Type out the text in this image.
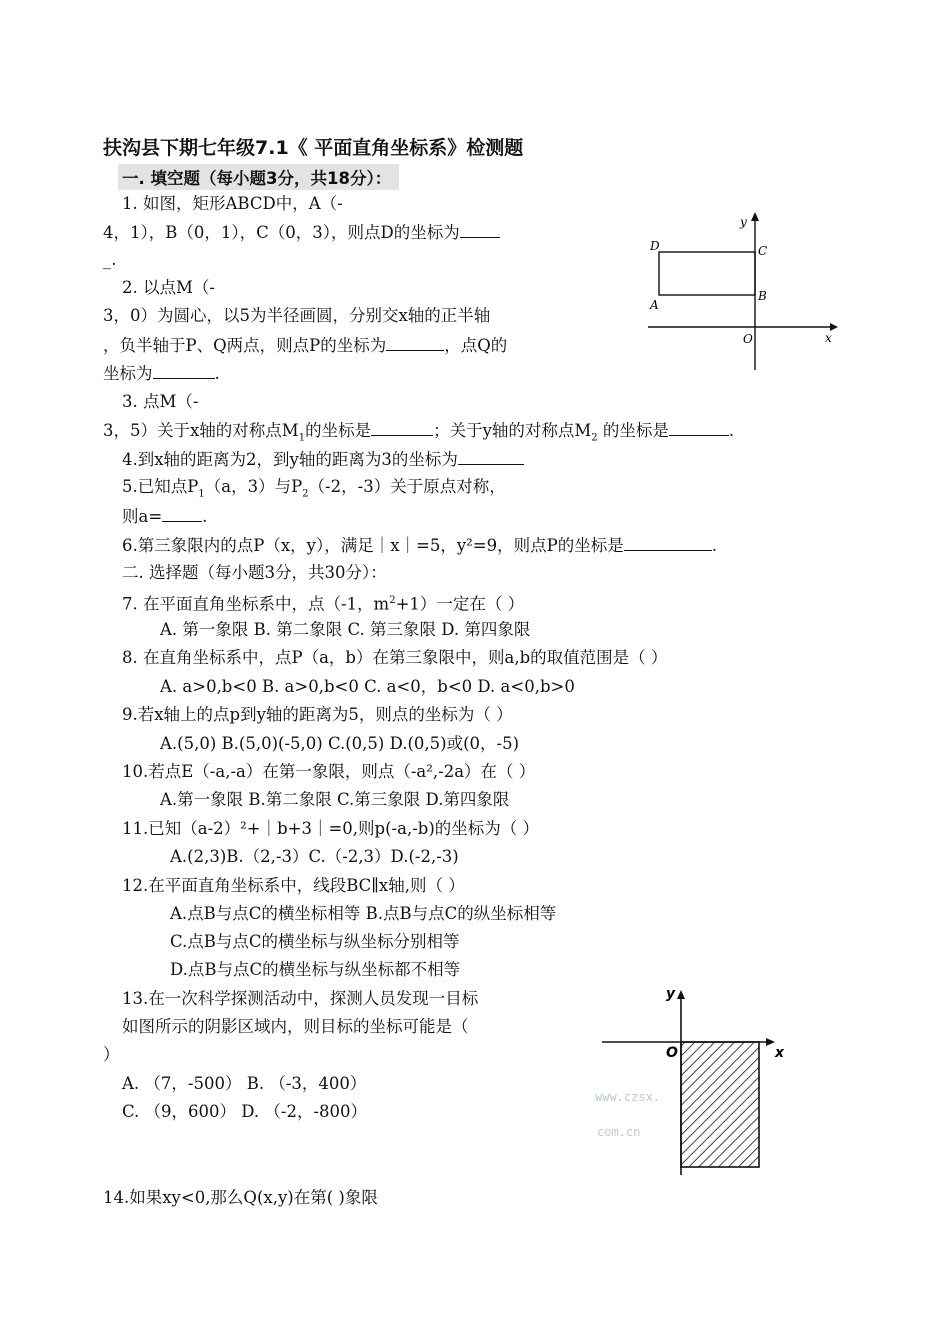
扶沟县下期七年级7.1《 平面直角坐标系》检测题
一. 填空题（每小题3分，共18分）：
1. 如图，矩形ABCD中，A（-
4，1），B（0，1），C（0，3），则点D的坐标为
_.
2. 以点M（-
3，0）为圆心，以5为半径画圆，分别交x轴的正半轴
，负半轴于P、Q两点，则点P的坐标为	，点Q的
坐标为	.
3. 点M（-
3，5）关于x轴的对称点$M_1$的坐标是	；关于y轴的对称点$M_2$ 的坐标是	.
4.到x轴的距离为2，到y轴的距离为3的坐标为
5.已知点$P_1(a$，3）与$P_2(-2$，-3）关于原点对称，
则a= .
6.第三象限内的点P（x，y），满足｜x｜=5，y²=9，则点P的坐标是	.
二. 选择题（每小题3分，共30分）：
7. 在平面直角坐标系中，点（-1，$m^2+1$）一定在（ ）
A. 第一象限 B. 第二象限 C. 第三象限 D. 第四象限
8. 在直角坐标系中，点P（a，b）在第三象限中，则a,b的取值范围是（ ）
A. a>0,b<0 B. a>0,b<0 C. a<0，b<0 D. a<0,b>0
9.若x轴上的点p到y轴的距离为5，则点的坐标为（ ）
A.(5,0) B.(5,0)(-5,0) C.(0,5) D.(0,5)或(0，-5)
10.若点E（-a,-a）在第一象限，则点（-a²,-2a）在（ ）
A.第一象限 B.第二象限 C.第三象限 D.第四象限
11.已知（a-2）²+｜b+3｜=0,则p(-a,-b)的坐标为（ ）
A.(2,3)B.（2,-3）C.（-2,3）D.(-2,-3)
12.在平面直角坐标系中，线段BC∥x轴,则（ ）
A.点B与点C的横坐标相等 B.点B与点C的纵坐标相等
C.点B与点C的横坐标与纵坐标分别相等
D.点B与点C的横坐标与纵坐标都不相等
13.在一次科学探测活动中，探测人员发现一目标
如图所示的阴影区域内，则目标的坐标可能是（
）
A. （7，-500） B. （-3，400）
C. （9，600） D. （-2，-800）
14.如果xy<0,那么Q(x,y)在第( )象限
D	C
A
B
O	x
y
O	x
y
www.czsx.
com.cn
